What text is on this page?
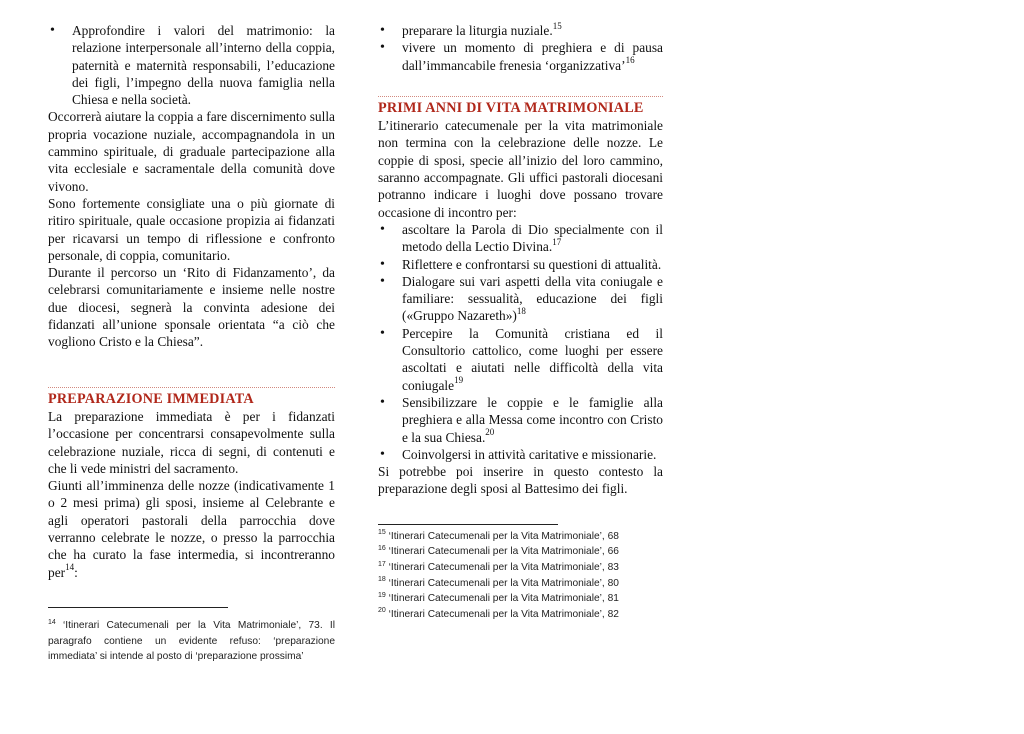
• Approfondire i valori del matrimonio: la relazione interpersonale all’interno della coppia, paternità e maternità responsabili, l’educazione dei figli, l’impegno della nuova famiglia nella Chiesa e nella società.

Occorrerà aiutare la coppia a fare discernimento sulla propria vocazione nuziale, accompagnandola in un cammino spirituale, di graduale partecipazione alla vita ecclesiale e sacramentale della comunità dove vivono.

Sono fortemente consigliate una o più giornate di ritiro spirituale, quale occasione propizia ai fidanzati per ricavarsi un tempo di riflessione e confronto personale, di coppia, comunitario.

Durante il percorso un ‘Rito di Fidanzamento’, da celebrarsi comunitariamente e insieme nelle nostre due diocesi, segnerà la convinta adesione dei fidanzati all’unione sponsale orientata “a ciò che vogliono Cristo e la Chiesa”.

PREPARAZIONE IMMEDIATA

La preparazione immediata è per i fidanzati l’occasione per concentrarsi consapevolmente sulla celebrazione nuziale, ricca di segni, di contenuti e che li vede ministri del sacramento.

Giunti all’imminenza delle nozze (indicativamente 1 o 2 mesi prima) gli sposi, insieme al Celebrante e agli operatori pastorali della parrocchia dove verranno celebrate le nozze, o presso la parrocchia che ha curato la fase intermedia, si incontreranno per$^{14}$:

$^{14}$ ‘Itinerari Catecumenali per la Vita Matrimoniale’, 73. Il paragrafo contiene un evidente refuso: ‘preparazione immediata’ si intende al posto di ‘preparazione prossima’

• preparare la liturgia nuziale.$^{15}$
• vivere un momento di preghiera e di pausa dall’immancabile frenesia ‘organizzativa’$^{16}$
PRIMI ANNI DI VITA MATRIMONIALE

L’itinerario catecumenale per la vita matrimoniale non termina con la celebrazione delle nozze. Le coppie di sposi, specie all’inizio del loro cammino, saranno accompagnate. Gli uffici pastorali diocesani potranno indicare i luoghi dove possano trovare occasione di incontro per:

• ascoltare la Parola di Dio specialmente con il metodo della Lectio Divina.$^{17}$
• Riflettere e confrontarsi su questioni di attualità.
• Dialogare sui vari aspetti della vita coniugale e familiare: sessualità, educazione dei figli («Gruppo Nazareth»)$^{18}$
• Percepire la Comunità cristiana ed il Consultorio cattolico, come luoghi per essere ascoltati e aiutati nelle difficoltà della vita coniugale$^{19}$
• Sensibilizzare le coppie e le famiglie alla preghiera e alla Messa come incontro con Cristo e la sua Chiesa.$^{20}$
• Coinvolgersi in attività caritative e missionarie.

Si potrebbe poi inserire in questo contesto la preparazione degli sposi al Battesimo dei figli.

$^{15}$ ‘Itinerari Catecumenali per la Vita Matrimoniale’, 68

$^{16}$ ‘Itinerari Catecumenali per la Vita Matrimoniale’, 66

$^{17}$ ‘Itinerari Catecumenali per la Vita Matrimoniale’, 83

$^{18}$ ‘Itinerari Catecumenali per la Vita Matrimoniale’, 80

$^{19}$ ‘Itinerari Catecumenali per la Vita Matrimoniale’, 81

$^{20}$ ‘Itinerari Catecumenali per la Vita Matrimoniale’, 82
